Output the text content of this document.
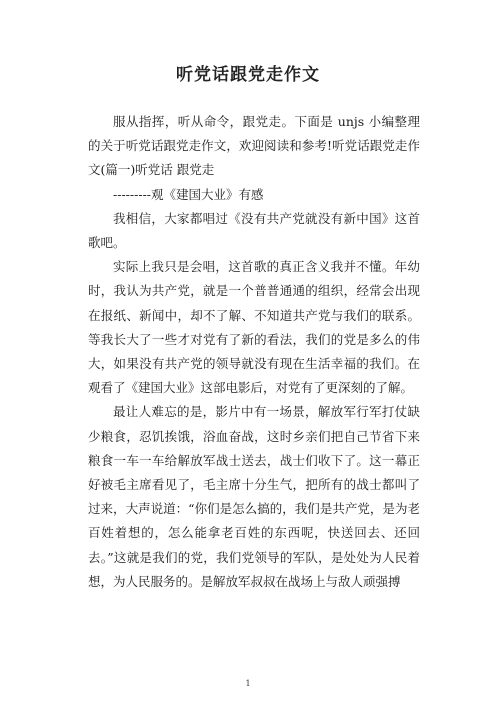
听党话跟党走作文

服从指挥，听从命令，跟党走。下面是 unjs 小编整理的关于听党话跟党走作文，欢迎阅读和参考!听党话跟党走作文(篇一)听党话 跟党走

---------观《建国大业》有感

我相信，大家都唱过《没有共产党就没有新中国》这首歌吧。

实际上我只是会唱，这首歌的真正含义我并不懂。年幼时，我认为共产党，就是一个普普通通的组织，经常会出现在报纸、新闻中，却不了解、不知道共产党与我们的联系。等我长大了一些才对党有了新的看法，我们的党是多么的伟大，如果没有共产党的领导就没有现在生活幸福的我们。在观看了《建国大业》这部电影后，对党有了更深刻的了解。

最让人难忘的是，影片中有一场景，解放军行军打仗缺少粮食，忍饥挨饿，浴血奋战，这时乡亲们把自己节省下来粮食一车一车给解放军战士送去，战士们收下了。这一幕正好被毛主席看见了，毛主席十分生气，把所有的战士都叫了过来，大声说道：“你们是怎么搞的，我们是共产党，是为老百姓着想的，怎么能拿老百姓的东西呢，快送回去、还回去。”这就是我们的党，我们党领导的军队，是处处为人民着想，为人民服务的。是解放军叔叔在战场上与敌人顽强搏

1
